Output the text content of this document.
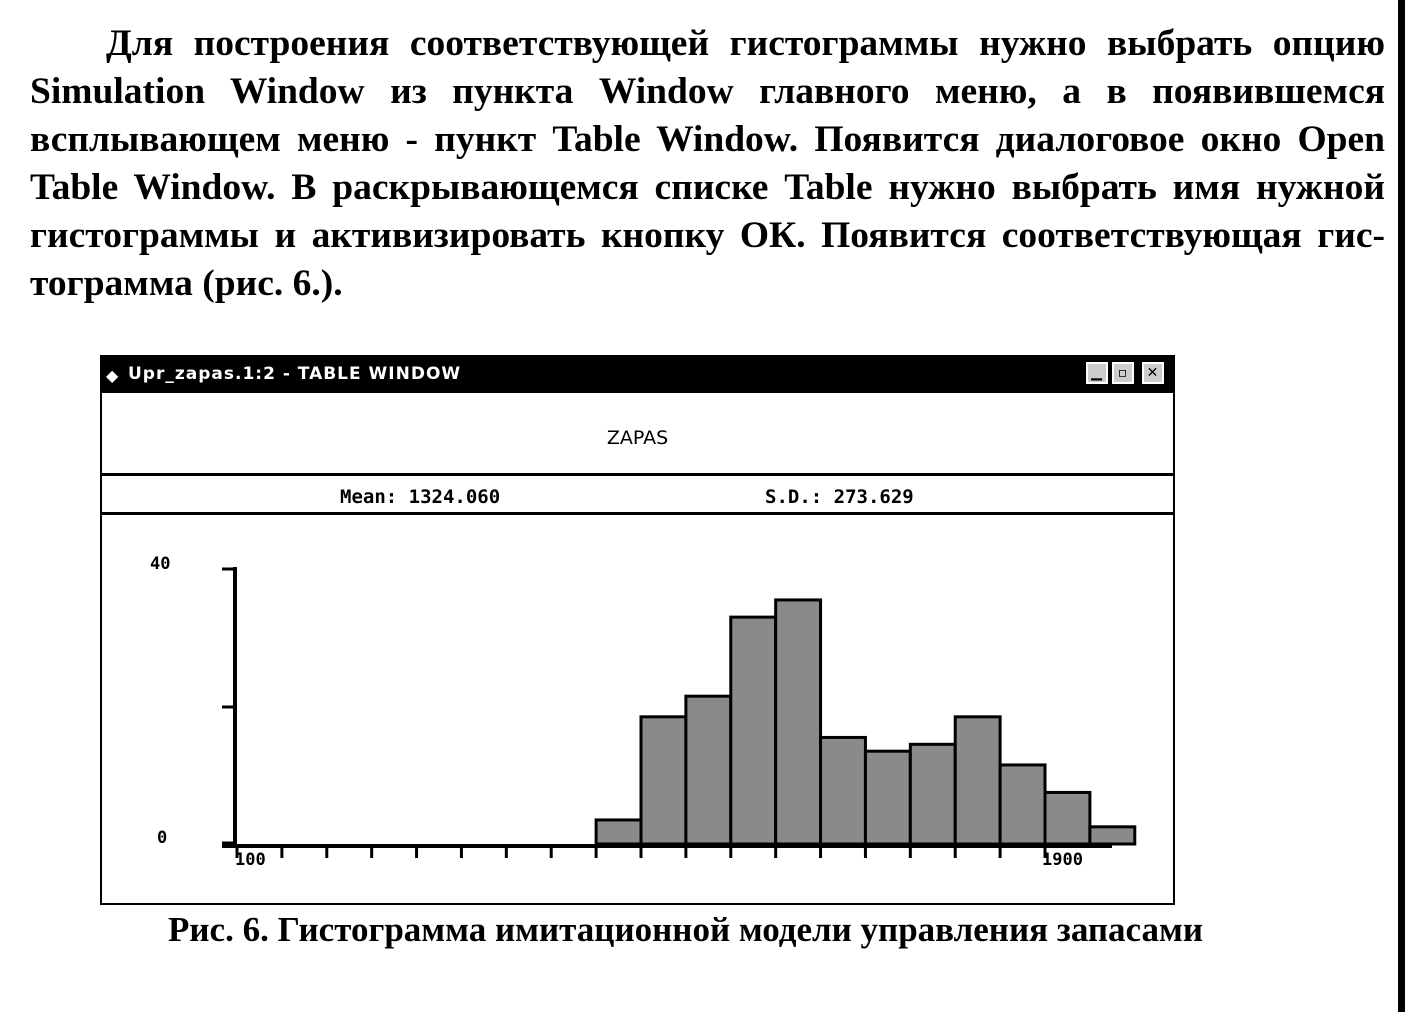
Для построения соответствующей гистограммы нужно выбрать опцию
Simulation Window из пункта Window главного меню, а в появившемся
всплывающем меню - пункт Table Window. Появится диалоговое окно Open
Table Window. В раскрывающемся списке Table нужно выбрать имя нужной
гистограммы и активизировать кнопку ОК. Появится соответствующая гис-
тограмма (рис. 6.).
◆ Upr_zapas.1:2 - TABLE WINDOW	▁	▫	✕
ZAPAS
Mean: 1324.060	S.D.: 273.629
40
0
100	1900
Рис. 6. Гистограмма имитационной модели управления запасами
